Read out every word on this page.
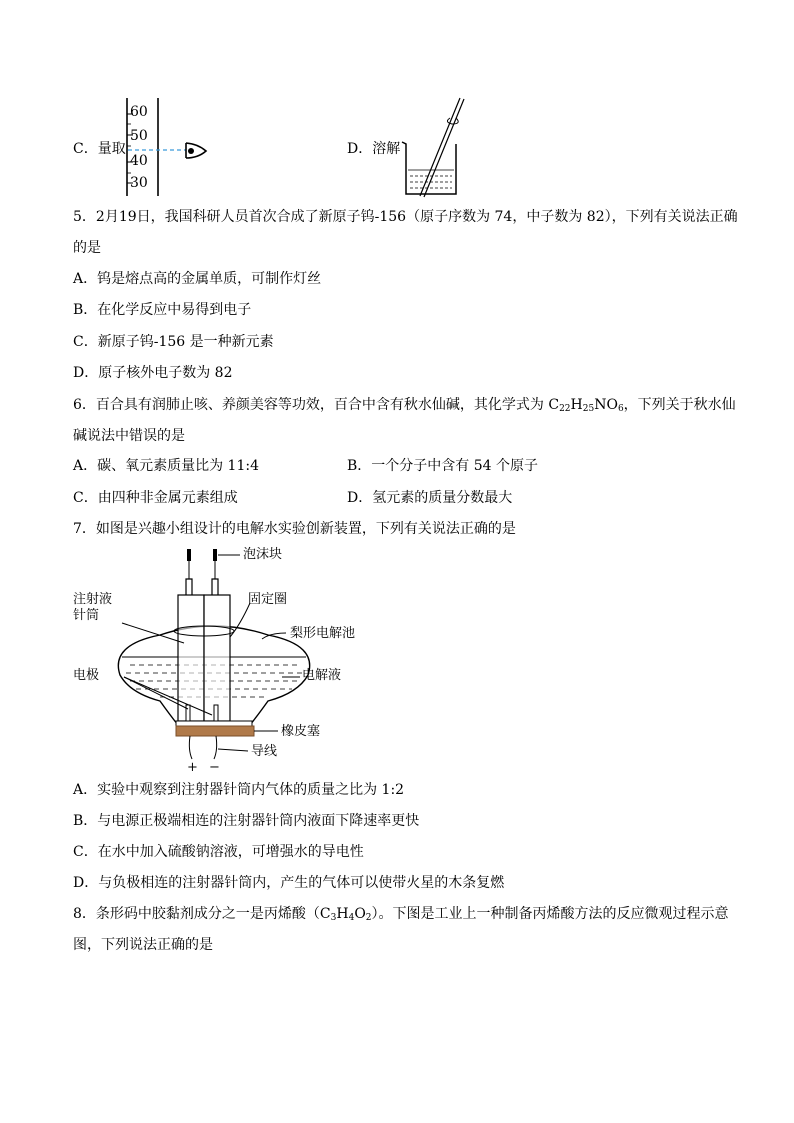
C．量取
60
50
40
30
D．溶解
5．2月19日，我国科研人员首次合成了新原子钨-156（原子序数为 74，中子数为 82），下列有关说法正确
的是
A．钨是熔点高的金属单质，可制作灯丝
B．在化学反应中易得到电子
C．新原子钨-156 是一种新元素
D．原子核外电子数为 82
6．百合具有润肺止咳、养颜美容等功效，百合中含有秋水仙碱，其化学式为 $C_{22}H_{25}NO_6$，下列关于秋水仙
碱说法中错误的是
A．碳、氧元素质量比为 11:4	B．一个分子中含有 54 个原子
C．由四种非金属元素组成	D．氢元素的质量分数最大
7．如图是兴趣小组设计的电解水实验创新装置，下列有关说法正确的是
泡沫块
注射液
针筒
固定圈
梨形电解池
电极	电解液
橡皮塞
导线
+ −
A．实验中观察到注射器针筒内气体的质量之比为 1:2
B．与电源正极端相连的注射器针筒内液面下降速率更快
C．在水中加入硫酸钠溶液，可增强水的导电性
D．与负极相连的注射器针筒内，产生的气体可以使带火星的木条复燃
8．条形码中胶黏剂成分之一是丙烯酸$(C_3H_4O_2)$。下图是工业上一种制备丙烯酸方法的反应微观过程示意
图，下列说法正确的是
